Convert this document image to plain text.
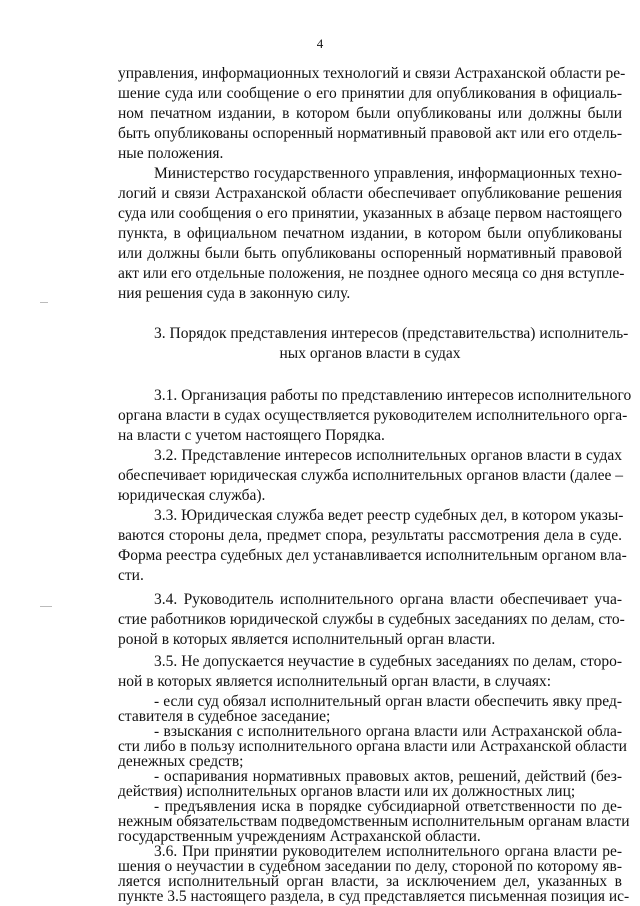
4
управления, информационных технологий и связи Астраханской области ре-
шение суда или сообщение о его принятии для опубликования в официаль-
ном печатном издании, в котором были опубликованы или должны были
быть опубликованы оспоренный нормативный правовой акт или его отдель-
ные положения.
Министерство государственного управления, информационных техно-
логий и связи Астраханской области обеспечивает опубликование решения
суда или сообщения о его принятии, указанных в абзаце первом настоящего
пункта, в официальном печатном издании, в котором были опубликованы
или должны были быть опубликованы оспоренный нормативный правовой
акт или его отдельные положения, не позднее одного месяца со дня вступле-
ния решения суда в законную силу.
3. Порядок представления интересов (представительства) исполнитель-
ных органов власти в судах
3.1. Организация работы по представлению интересов исполнительного
органа власти в судах осуществляется руководителем исполнительного орга-
на власти с учетом настоящего Порядка.
3.2. Представление интересов исполнительных органов власти в судах
обеспечивает юридическая служба исполнительных органов власти (далее –
юридическая служба).
3.3. Юридическая служба ведет реестр судебных дел, в котором указы-
ваются стороны дела, предмет спора, результаты рассмотрения дела в суде.
Форма реестра судебных дел устанавливается исполнительным органом вла-
сти.
3.4. Руководитель исполнительного органа власти обеспечивает уча-
стие работников юридической службы в судебных заседаниях по делам, сто-
роной в которых является исполнительный орган власти.
3.5. Не допускается неучастие в судебных заседаниях по делам, сторо-
ной в которых является исполнительный орган власти, в случаях:
- если суд обязал исполнительный орган власти обеспечить явку пред-
ставителя в судебное заседание;
- взыскания с исполнительного органа власти или Астраханской обла-
сти либо в пользу исполнительного органа власти или Астраханской области
денежных средств;
- оспаривания нормативных правовых актов, решений, действий (без-
действия) исполнительных органов власти или их должностных лиц;
- предъявления иска в порядке субсидиарной ответственности по де-
нежным обязательствам подведомственным исполнительным органам власти
государственным учреждениям Астраханской области.
3.6. При принятии руководителем исполнительного органа власти ре-
шения о неучастии в судебном заседании по делу, стороной по которому яв-
ляется исполнительный орган власти, за исключением дел, указанных в
пункте 3.5 настоящего раздела, в суд представляется письменная позиция ис-
